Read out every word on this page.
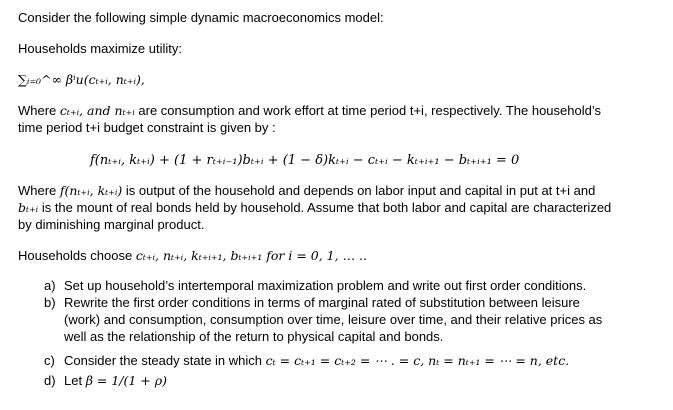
Consider the following simple dynamic macroeconomics model:
Households maximize utility:
∑ᵢ₌₀^∞ βⁱu(cₜ₊ᵢ, nₜ₊ᵢ),
Where cₜ₊ᵢ, and nₜ₊ᵢ are consumption and work effort at time period t+i, respectively. The household’s
time period t+i budget constraint is given by :
f(nₜ₊ᵢ, kₜ₊ᵢ) + (1 + rₜ₊ᵢ₋₁)bₜ₊ᵢ + (1 − δ)kₜ₊ᵢ − cₜ₊ᵢ − kₜ₊ᵢ₊₁ − bₜ₊ᵢ₊₁ = 0
Where f(nₜ₊ᵢ, kₜ₊ᵢ) is output of the household and depends on labor input and capital in put at t+i and
bₜ₊ᵢ is the mount of real bonds held by household. Assume that both labor and capital are characterized
by diminishing marginal product.
Households choose cₜ₊ᵢ, nₜ₊ᵢ, kₜ₊ᵢ₊₁, bₜ₊ᵢ₊₁ for i = 0, 1, … ..
a) Set up household’s intertemporal maximization problem and write out first order conditions.
b) Rewrite the first order conditions in terms of marginal rated of substitution between leisure
(work) and consumption, consumption over time, leisure over time, and their relative prices as
well as the relationship of the return to physical capital and bonds.
c) Consider the steady state in which cₜ = cₜ₊₁ = cₜ₊₂ = ⋯ . = c, nₜ = nₜ₊₁ = ⋯ = n, etc.
d) Let β = 1/(1 + ρ)
